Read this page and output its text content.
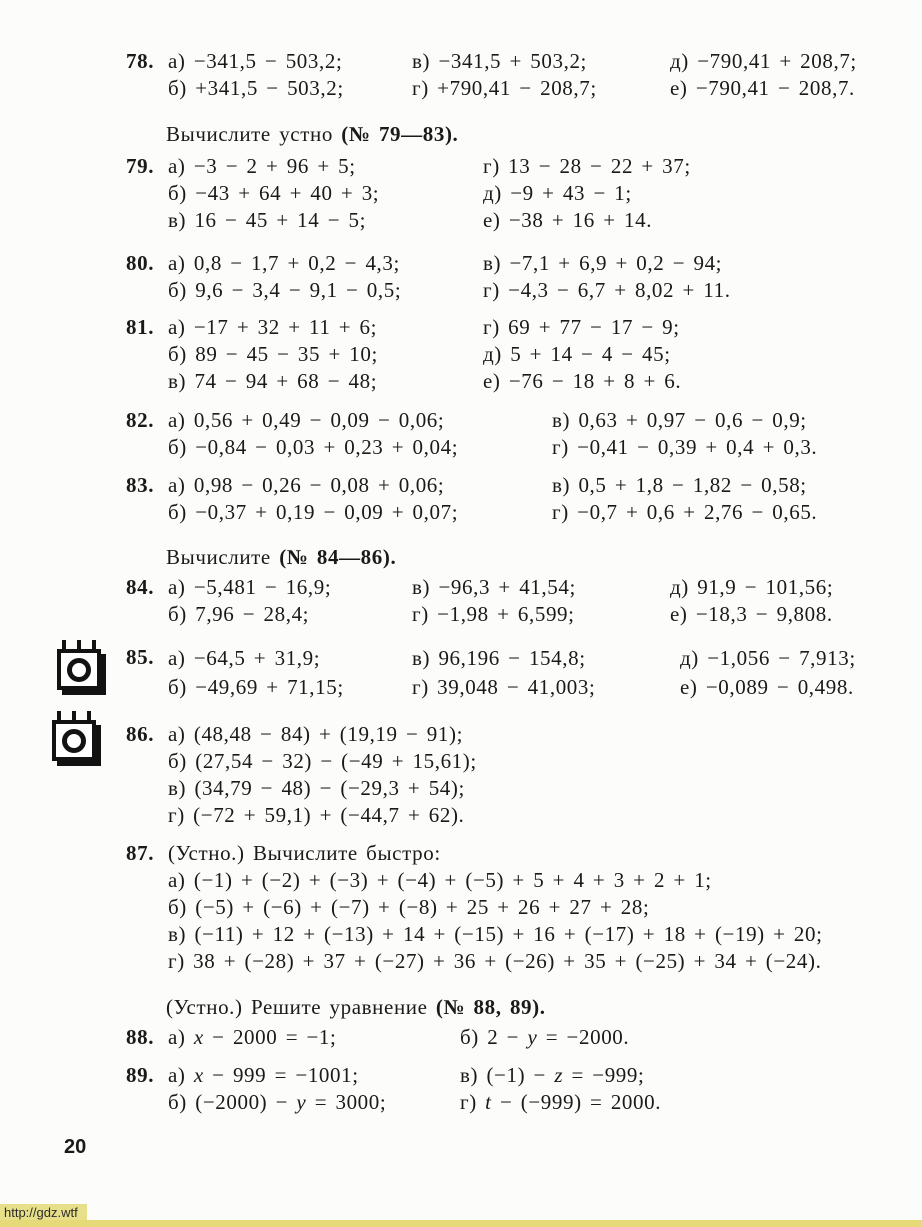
78. а) −341,5 − 503,2;
б) +341,5 − 503,2;
в) −341,5 + 503,2;
г) +790,41 − 208,7;
д) −790,41 + 208,7;
е) −790,41 − 208,7.
Вычислите устно (№ 79—83).
79. а) −3 − 2 + 96 + 5;
б) −43 + 64 + 40 + 3;
в) 16 − 45 + 14 − 5;
г) 13 − 28 − 22 + 37;
д) −9 + 43 − 1;
е) −38 + 16 + 14.
80. а) 0,8 − 1,7 + 0,2 − 4,3;
б) 9,6 − 3,4 − 9,1 − 0,5;
в) −7,1 + 6,9 + 0,2 − 94;
г) −4,3 − 6,7 + 8,02 + 11.
81. а) −17 + 32 + 11 + 6;
б) 89 − 45 − 35 + 10;
в) 74 − 94 + 68 − 48;
г) 69 + 77 − 17 − 9;
д) 5 + 14 − 4 − 45;
е) −76 − 18 + 8 + 6.
82. а) 0,56 + 0,49 − 0,09 − 0,06;
б) −0,84 − 0,03 + 0,23 + 0,04;
в) 0,63 + 0,97 − 0,6 − 0,9;
г) −0,41 − 0,39 + 0,4 + 0,3.
83. а) 0,98 − 0,26 − 0,08 + 0,06;
б) −0,37 + 0,19 − 0,09 + 0,07;
в) 0,5 + 1,8 − 1,82 − 0,58;
г) −0,7 + 0,6 + 2,76 − 0,65.
Вычислите (№ 84—86).
84. а) −5,481 − 16,9;
б) 7,96 − 28,4;
в) −96,3 + 41,54;
г) −1,98 + 6,599;
д) 91,9 − 101,56;
е) −18,3 − 9,808.
85. а) −64,5 + 31,9;
б) −49,69 + 71,15;
в) 96,196 − 154,8;
г) 39,048 − 41,003;
д) −1,056 − 7,913;
е) −0,089 − 0,498.
86. а) (48,48 − 84) + (19,19 − 91);
б) (27,54 − 32) − (−49 + 15,61);
в) (34,79 − 48) − (−29,3 + 54);
г) (−72 + 59,1) + (−44,7 + 62).
87. (Устно.) Вычислите быстро:
а) (−1) + (−2) + (−3) + (−4) + (−5) + 5 + 4 + 3 + 2 + 1;
б) (−5) + (−6) + (−7) + (−8) + 25 + 26 + 27 + 28;
в) (−11) + 12 + (−13) + 14 + (−15) + 16 + (−17) + 18 + (−19) + 20;
г) 38 + (−28) + 37 + (−27) + 36 + (−26) + 35 + (−25) + 34 + (−24).
(Устно.) Решите уравнение (№ 88, 89).
88. а) x − 2000 = −1;	б) 2 − y = −2000.
89. а) x − 999 = −1001;
б) (−2000) − y = 3000;
в) (−1) − z = −999;
г) t − (−999) = 2000.
20
http://gdz.wtf
